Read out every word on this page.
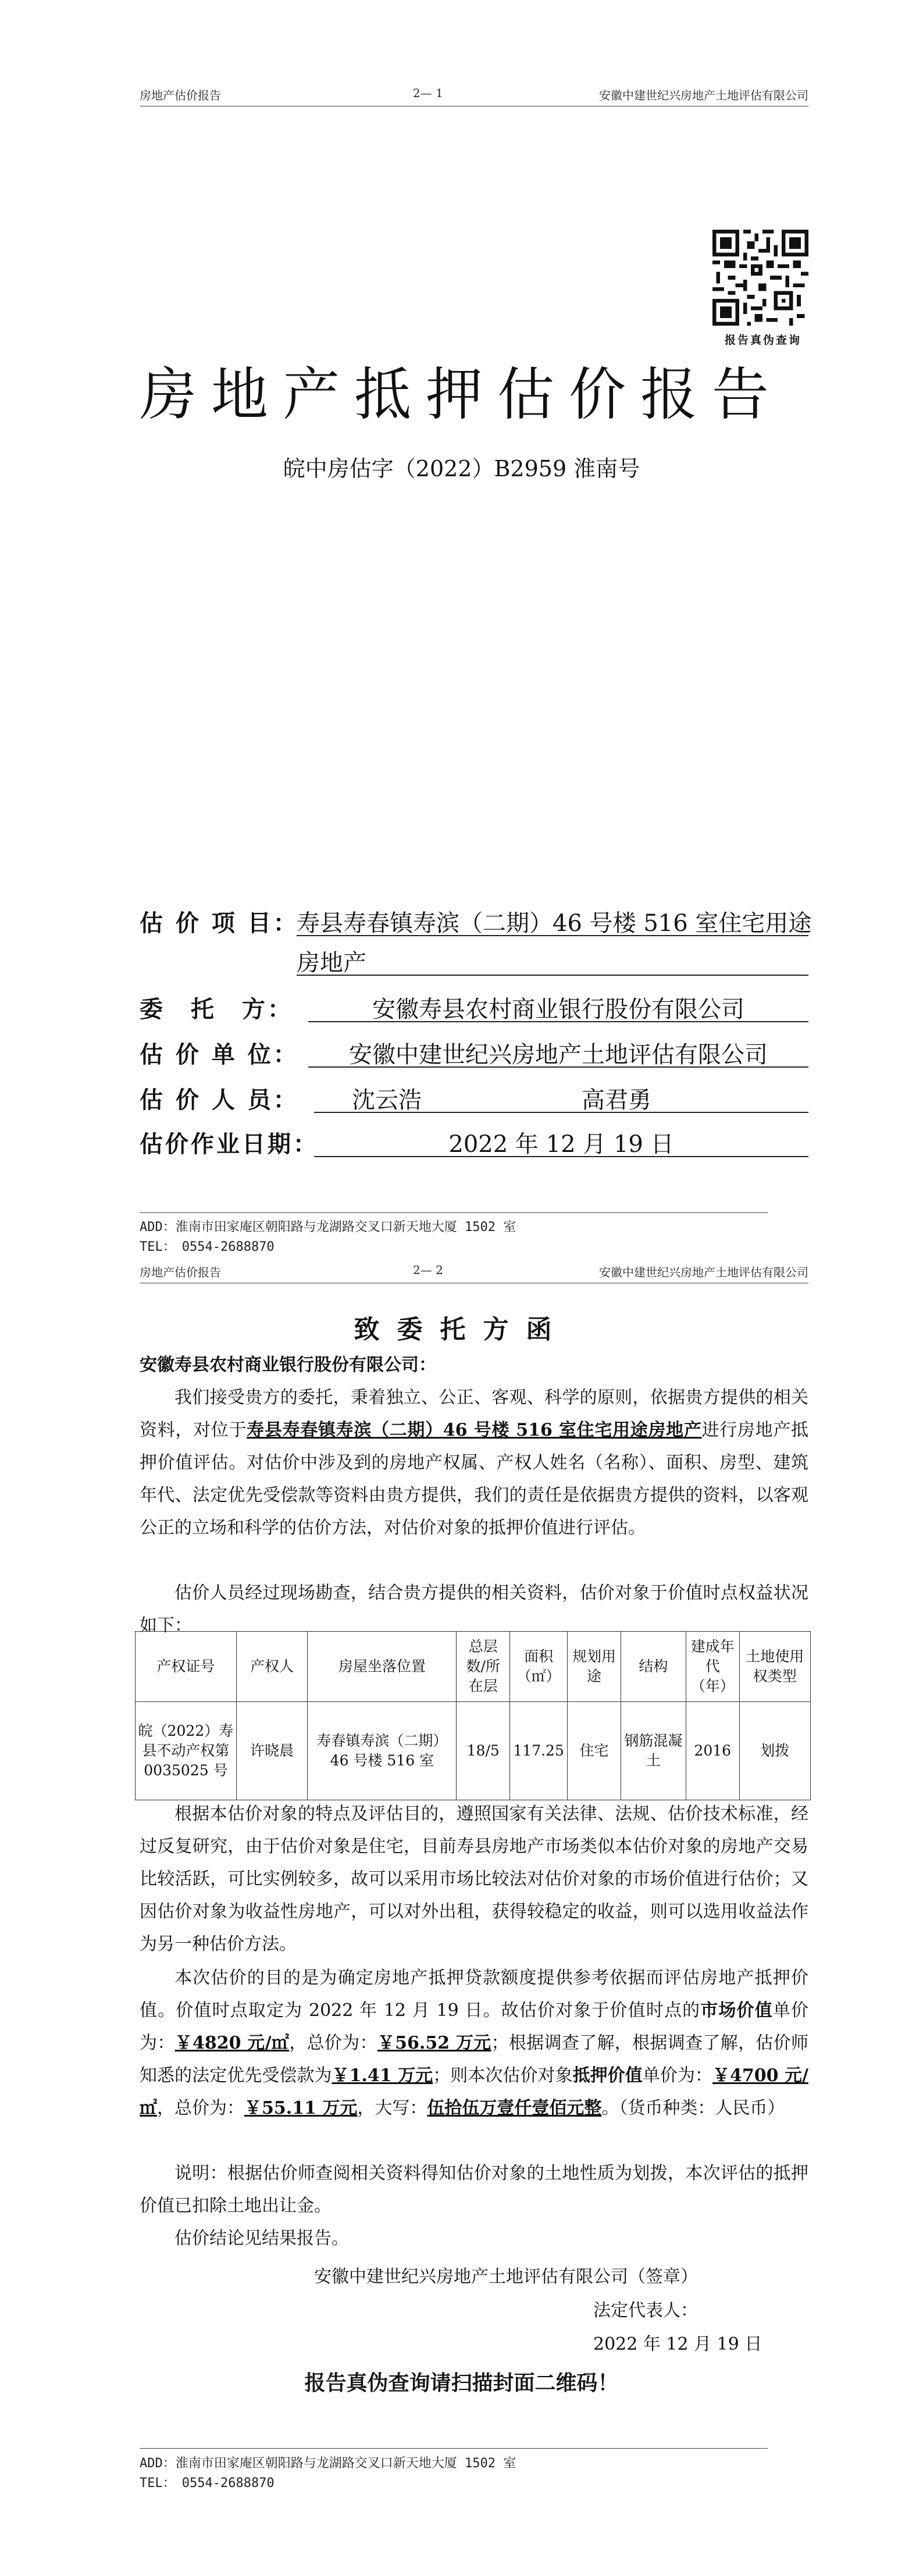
房地产估价报告	2— 1	安徽中建世纪兴房地产土地评估有限公司
报告真伪查询
房地产抵押估价报告
皖中房估字（2022）B2959 淮南号
估 价 项 目：
寿县寿春镇寿滨（二期）46 号楼 516 室住宅用途
房地产
委　托　方：	安徽寿县农村商业银行股份有限公司
估 价 单 位：	安徽中建世纪兴房地产土地评估有限公司
估 价 人 员：	沈云浩	高君勇
估价作业日期：	2022 年 12 月 19 日
ADD：淮南市田家庵区朝阳路与龙湖路交叉口新天地大厦 1502 室
TEL：　0554-2688870
房地产估价报告	2— 2	安徽中建世纪兴房地产土地评估有限公司
致委托方函
安徽寿县农村商业银行股份有限公司：
我们接受贵方的委托，秉着独立、公正、客观、科学的原则，依据贵方提供的相关资料，对位于寿县寿春镇寿滨（二期）46 号楼 516 室住宅用途房地产进行房地产抵押价值评估。对估价中涉及到的房地产权属、产权人姓名（名称）、面积、房型、建筑年代、法定优先受偿款等资料由贵方提供，我们的责任是依据贵方提供的资料，以客观公正的立场和科学的估价方法，对估价对象的抵押价值进行评估。
估价人员经过现场勘查，结合贵方提供的相关资料，估价对象于价值时点权益状况如下：
产权证号	产权人	房屋坐落位置	总层数/所在层	面积（㎡）	规划用途	结构	建成年代（年）	土地使用权类型
皖（2022）寿县不动产权第 0035025 号	许晓晨	寿春镇寿滨（二期）46 号楼 516 室	18/5	117.25	住宅	钢筋混凝土	2016	划拨
根据本估价对象的特点及评估目的，遵照国家有关法律、法规、估价技术标准，经过反复研究，由于估价对象是住宅，目前寿县房地产市场类似本估价对象的房地产交易比较活跃，可比实例较多，故可以采用市场比较法对估价对象的市场价值进行估价；又因估价对象为收益性房地产，可以对外出租，获得较稳定的收益，则可以选用收益法作为另一种估价方法。
本次估价的目的是为确定房地产抵押贷款额度提供参考依据而评估房地产抵押价值。价值时点取定为 2022 年 12 月 19 日。故估价对象于价值时点的市场价值单价为：￥4820 元/㎡，总价为：￥56.52 万元；根据调查了解，根据调查了解，估价师知悉的法定优先受偿款为￥1.41 万元；则本次估价对象抵押价值单价为：￥4700 元/㎡，总价为：￥55.11 万元，大写：伍拾伍万壹仟壹佰元整。（货币种类：人民币）
说明：根据估价师查阅相关资料得知估价对象的土地性质为划拨，本次评估的抵押价值已扣除土地出让金。
估价结论见结果报告。
安徽中建世纪兴房地产土地评估有限公司（签章）
法定代表人：
2022 年 12 月 19 日
报告真伪查询请扫描封面二维码！
ADD：淮南市田家庵区朝阳路与龙湖路交叉口新天地大厦 1502 室
TEL：　0554-2688870
